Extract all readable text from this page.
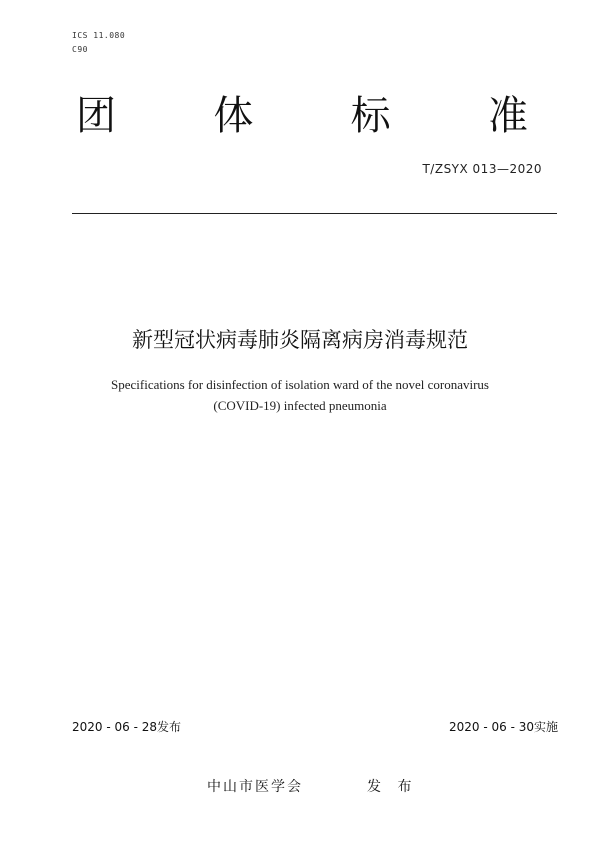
ICS 11.080
C90
团 体 标 准
T/ZSYX 013—2020
新型冠状病毒肺炎隔离病房消毒规范
Specifications for disinfection of isolation ward of the novel coronavirus
(COVID-19) infected pneumonia
2020 - 06 - 28发布	2020 - 06 - 30实施
中山市医学会	发 布
